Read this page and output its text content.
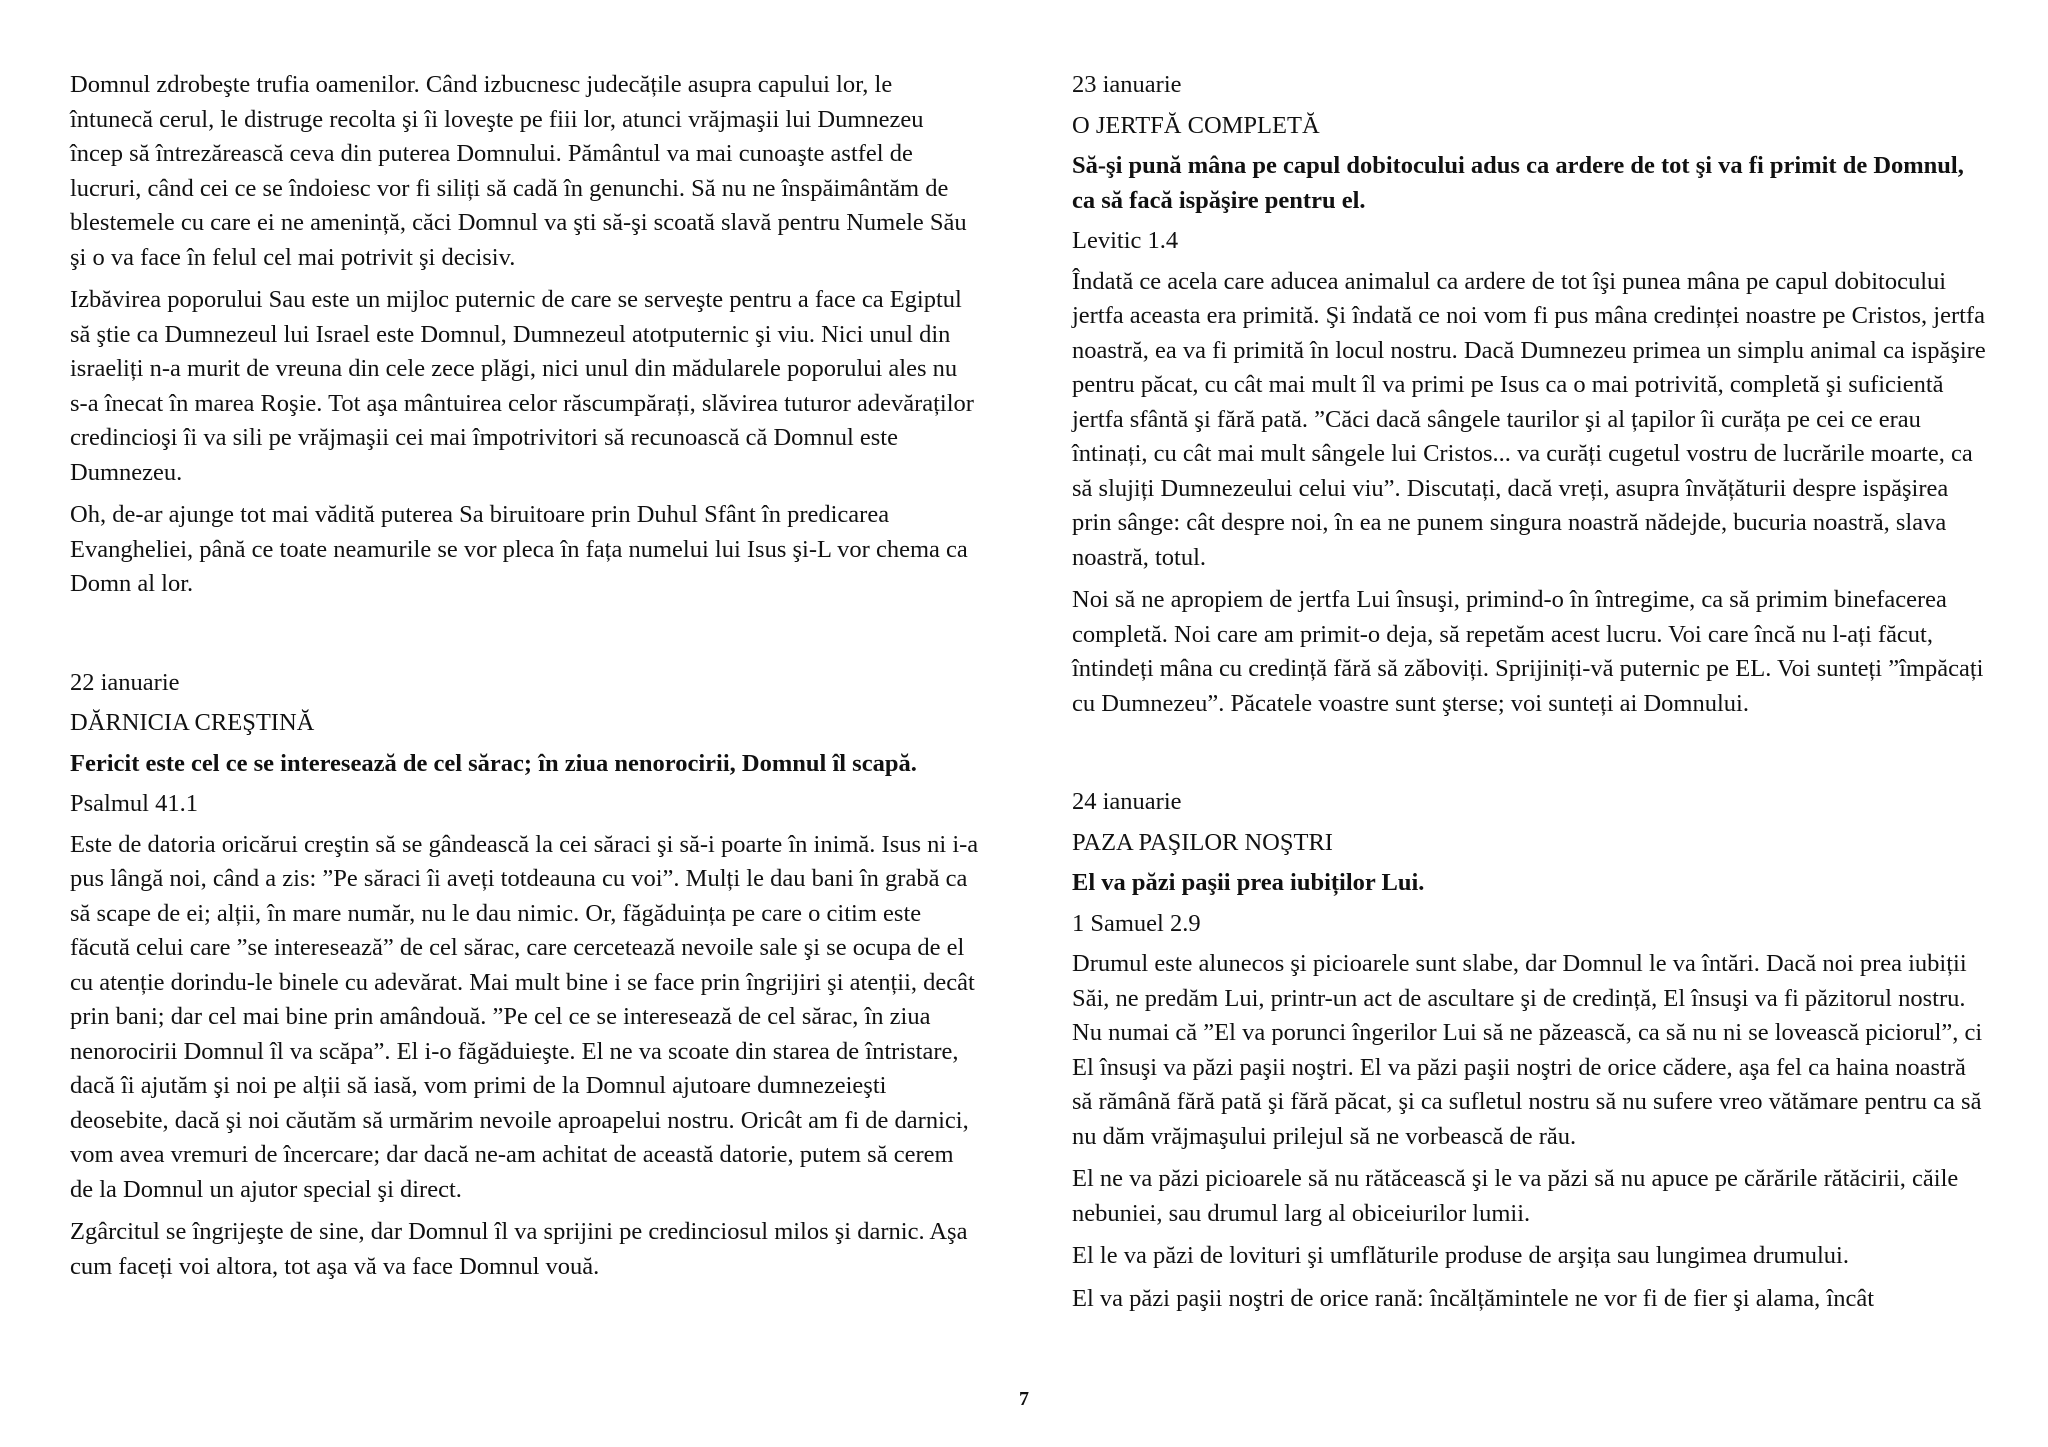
Domnul zdrobeşte trufia oamenilor. Când izbucnesc judecățile asupra capului lor, le întunecă cerul, le distruge recolta şi îi loveşte pe fiii lor, atunci vrăjmaşii lui Dumnezeu încep să întrezărească ceva din puterea Domnului. Pământul va mai cunoaşte astfel de lucruri, când cei ce se îndoiesc vor fi siliți să cadă în genunchi. Să nu ne înspăimântăm de blestemele cu care ei ne amenință, căci Domnul va şti să-şi scoată slavă pentru Numele Său şi o va face în felul cel mai potrivit şi decisiv.

Izbăvirea poporului Sau este un mijloc puternic de care se serveşte pentru a face ca Egiptul să ştie ca Dumnezeul lui Israel este Domnul, Dumnezeul atotputernic şi viu. Nici unul din israeliți n-a murit de vreuna din cele zece plăgi, nici unul din mădularele poporului ales nu s-a înecat în marea Roşie. Tot aşa mântuirea celor răscumpărați, slăvirea tuturor adevăraților credincioşi îi va sili pe vrăjmaşii cei mai împotrivitori să recunoască că Domnul este Dumnezeu.

Oh, de-ar ajunge tot mai vădită puterea Sa biruitoare prin Duhul Sfânt în predicarea Evangheliei, până ce toate neamurile se vor pleca în fața numelui lui Isus şi-L vor chema ca Domn al lor.

22 ianuarie

DĂRNICIA CREŞTINĂ

Fericit este cel ce se interesează de cel sărac; în ziua nenorocirii, Domnul îl scapă.

Psalmul 41.1

Este de datoria oricărui creştin să se gândească la cei săraci şi să-i poarte în inimă. Isus ni i-a pus lângă noi, când a zis: ”Pe săraci îi aveți totdeauna cu voi”. Mulți le dau bani în grabă ca să scape de ei; alții, în mare număr, nu le dau nimic. Or, făgăduința pe care o citim este făcută celui care ”se interesează” de cel sărac, care cercetează nevoile sale şi se ocupa de el cu atenție dorindu-le binele cu adevărat. Mai mult bine i se face prin îngrijiri şi atenții, decât prin bani; dar cel mai bine prin amândouă. ”Pe cel ce se interesează de cel sărac, în ziua nenorocirii Domnul îl va scăpa”. El i-o făgăduieşte. El ne va scoate din starea de întristare, dacă îi ajutăm şi noi pe alții să iasă, vom primi de la Domnul ajutoare dumnezeieşti deosebite, dacă şi noi căutăm să urmărim nevoile aproapelui nostru. Oricât am fi de darnici, vom avea vremuri de încercare; dar dacă ne-am achitat de această datorie, putem să cerem de la Domnul un ajutor special şi direct.

Zgârcitul se îngrijeşte de sine, dar Domnul îl va sprijini pe credinciosul milos şi darnic. Aşa cum faceți voi altora, tot aşa vă va face Domnul vouă.

23 ianuarie

O JERTFĂ COMPLETĂ

Să-şi pună mâna pe capul dobitocului adus ca ardere de tot şi va fi primit de Domnul, ca să facă ispăşire pentru el.

Levitic 1.4

Îndată ce acela care aducea animalul ca ardere de tot îşi punea mâna pe capul dobitocului jertfa aceasta era primită. Şi îndată ce noi vom fi pus mâna credinței noastre pe Cristos, jertfa noastră, ea va fi primită în locul nostru. Dacă Dumnezeu primea un simplu animal ca ispăşire pentru păcat, cu cât mai mult îl va primi pe Isus ca o mai potrivită, completă şi suficientă jertfa sfântă şi fără pată. ”Căci dacă sângele taurilor şi al țapilor îi curăța pe cei ce erau întinați, cu cât mai mult sângele lui Cristos... va curăți cugetul vostru de lucrările moarte, ca să slujiți Dumnezeului celui viu”. Discutați, dacă vreți, asupra învățăturii despre ispăşirea prin sânge: cât despre noi, în ea ne punem singura noastră nădejde, bucuria noastră, slava noastră, totul.

Noi să ne apropiem de jertfa Lui însuşi, primind-o în întregime, ca să primim binefacerea completă. Noi care am primit-o deja, să repetăm acest lucru. Voi care încă nu l-ați făcut, întindeți mâna cu credință fără să zăboviți. Sprijiniți-vă puternic pe EL. Voi sunteți ”împăcați cu Dumnezeu”. Păcatele voastre sunt şterse; voi sunteți ai Domnului.

24 ianuarie

PAZA PAŞILOR NOŞTRI

El va păzi paşii prea iubiților Lui.

1 Samuel 2.9

Drumul este alunecos şi picioarele sunt slabe, dar Domnul le va întări. Dacă noi prea iubiții Săi, ne predăm Lui, printr-un act de ascultare şi de credință, El însuşi va fi păzitorul nostru. Nu numai că ”El va porunci îngerilor Lui să ne păzească, ca să nu ni se lovească piciorul”, ci El însuşi va păzi paşii noştri. El va păzi paşii noştri de orice cădere, aşa fel ca haina noastră să rămână fără pată şi fără păcat, şi ca sufletul nostru să nu sufere vreo vătămare pentru ca să nu dăm vrăjmaşului prilejul să ne vorbească de rău.

El ne va păzi picioarele să nu rătăcească şi le va păzi să nu apuce pe cărările rătăcirii, căile nebuniei, sau drumul larg al obiceiurilor lumii.

El le va păzi de lovituri şi umflăturile produse de arşița sau lungimea drumului.

El va păzi paşii noştri de orice rană: încălțămintele ne vor fi de fier şi alama, încât

7
